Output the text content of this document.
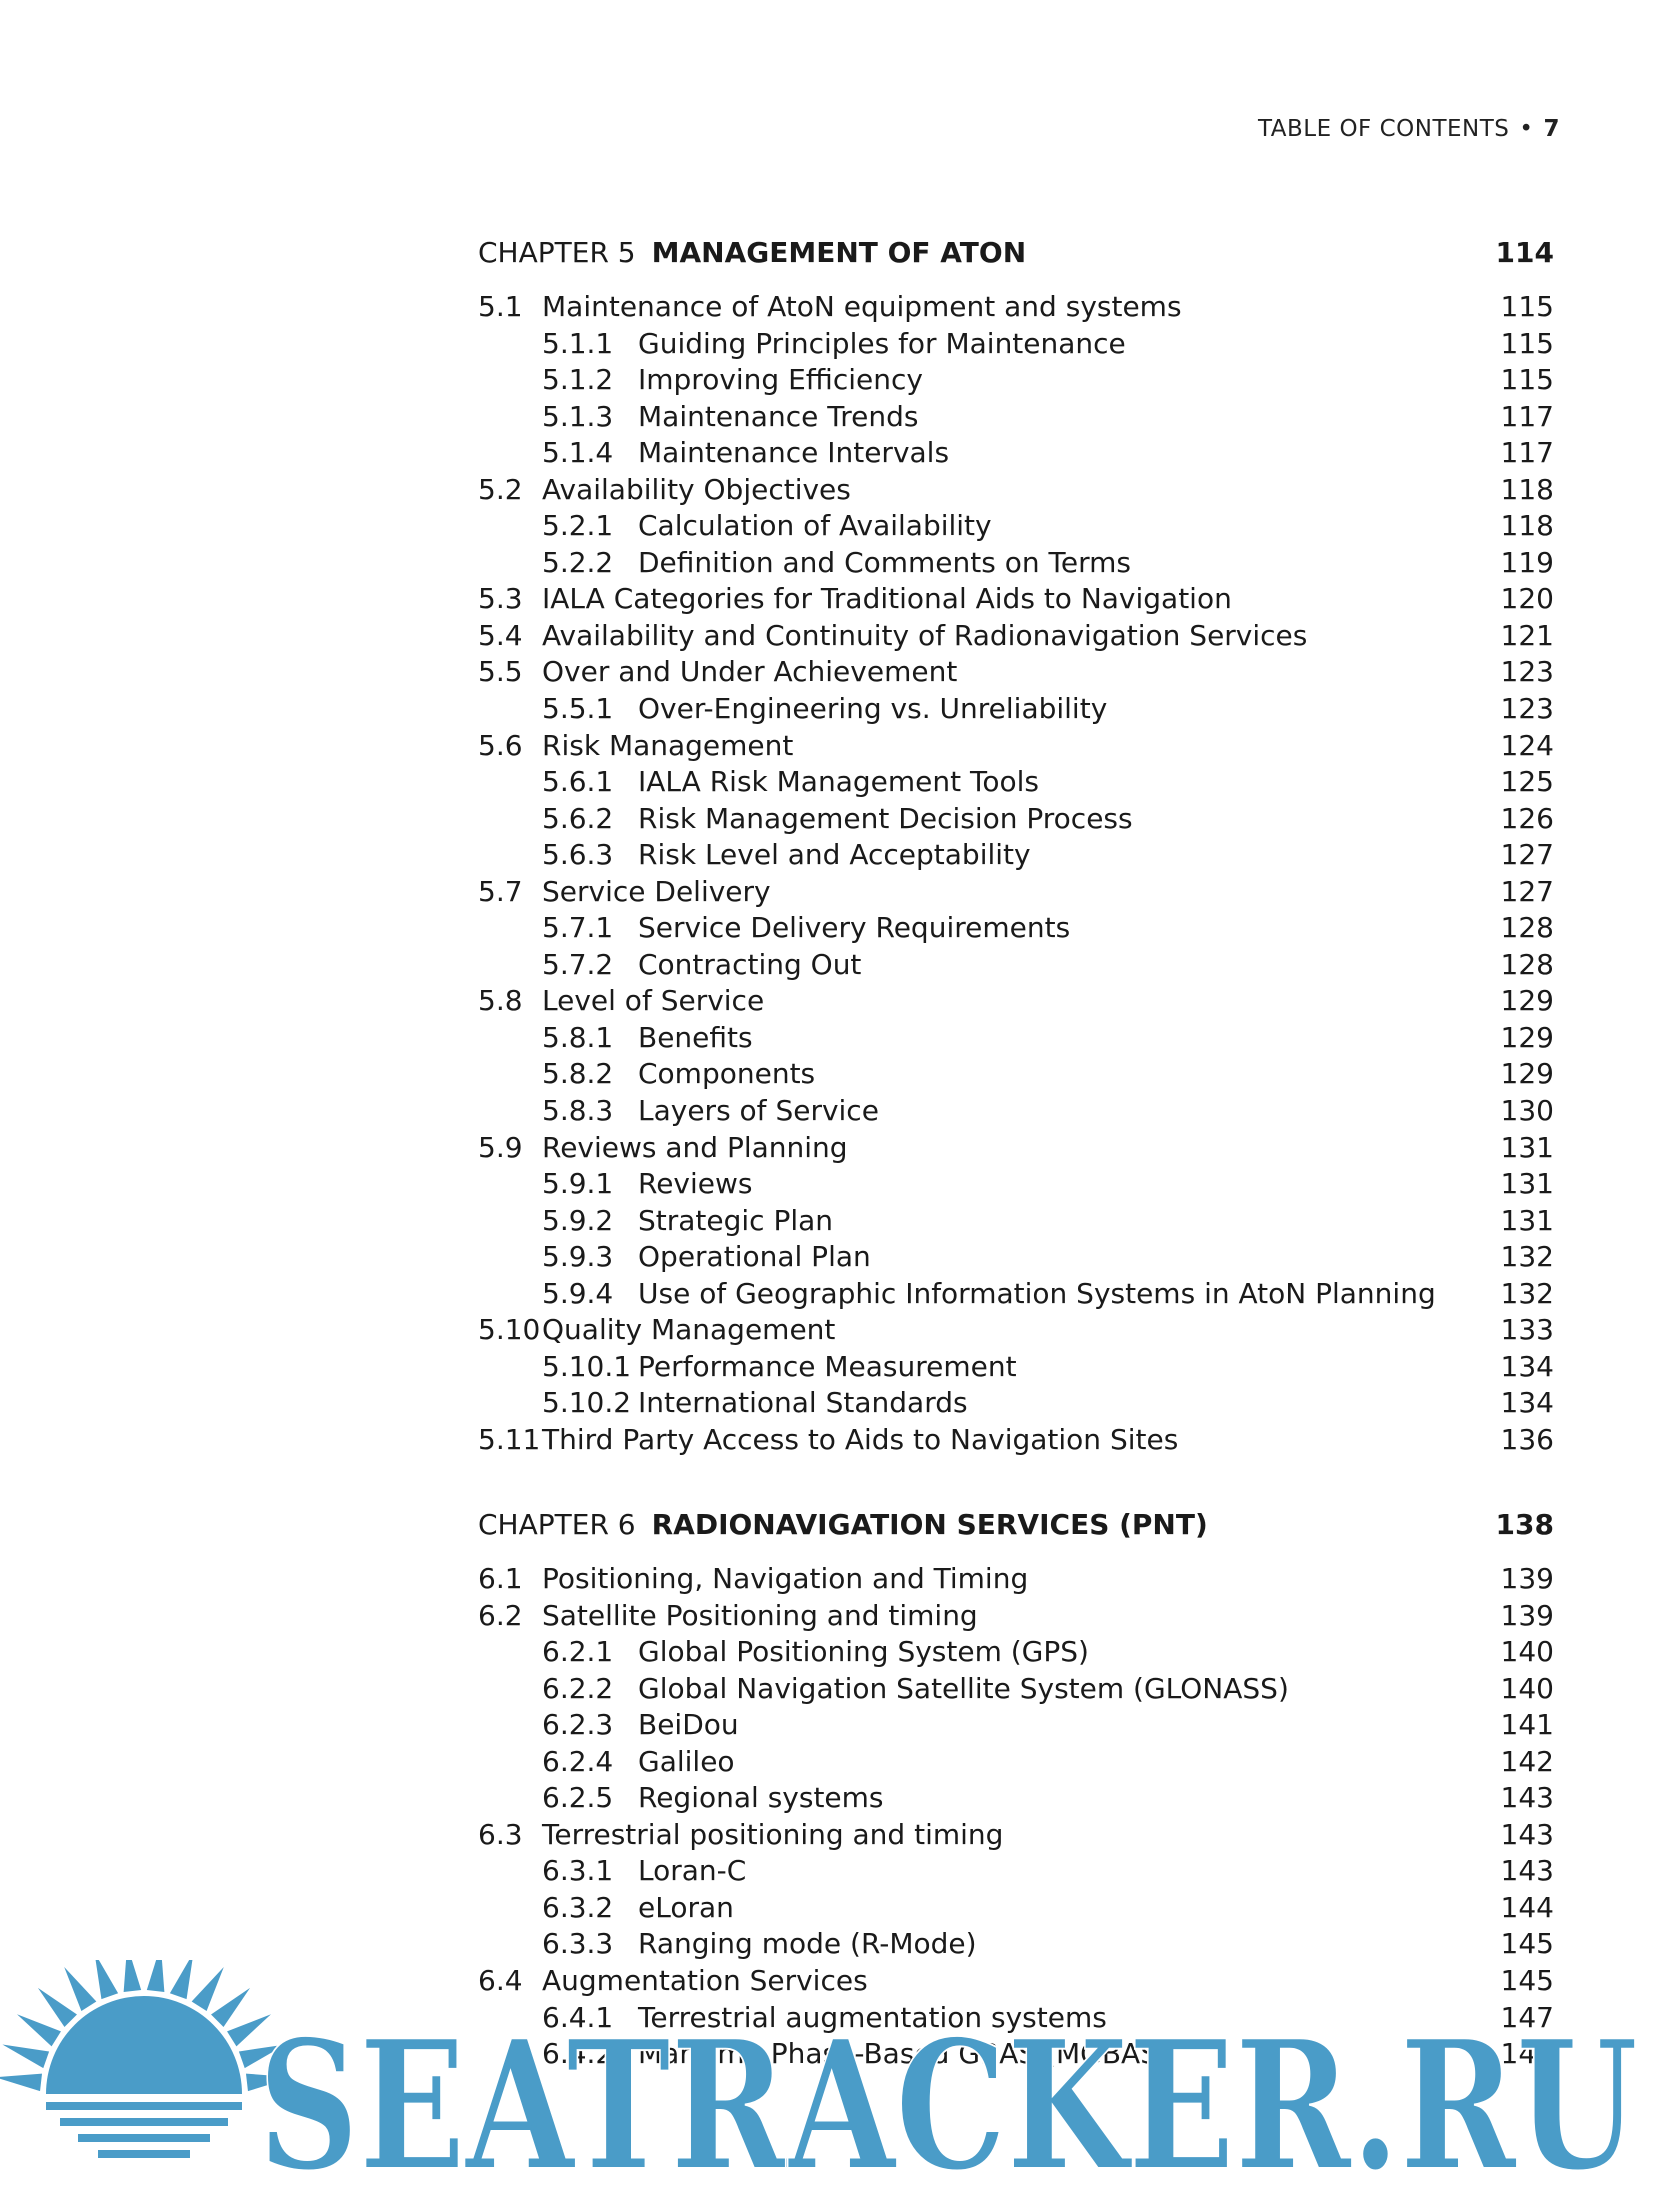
TABLE OF CONTENTS • 7
CHAPTER 5 MANAGEMENT OF ATON	114
5.1 Maintenance of AtoN equipment and systems	115
5.1.1 Guiding Principles for Maintenance	115
5.1.2 Improving Efficiency	115
5.1.3 Maintenance Trends	117
5.1.4 Maintenance Intervals	117
5.2 Availability Objectives	118
5.2.1 Calculation of Availability	118
5.2.2 Definition and Comments on Terms	119
5.3 IALA Categories for Traditional Aids to Navigation	120
5.4 Availability and Continuity of Radionavigation Services	121
5.5 Over and Under Achievement	123
5.5.1 Over-Engineering vs. Unreliability	123
5.6 Risk Management	124
5.6.1 IALA Risk Management Tools	125
5.6.2 Risk Management Decision Process	126
5.6.3 Risk Level and Acceptability	127
5.7 Service Delivery	127
5.7.1 Service Delivery Requirements	128
5.7.2 Contracting Out	128
5.8 Level of Service	129
5.8.1 Benefits	129
5.8.2 Components	129
5.8.3 Layers of Service	130
5.9 Reviews and Planning	131
5.9.1 Reviews	131
5.9.2 Strategic Plan	131
5.9.3 Operational Plan	132
5.9.4 Use of Geographic Information Systems in AtoN Planning 132
5.10 Quality Management	133
5.10.1 Performance Measurement	134
5.10.2 International Standards	134
5.11 Third Party Access to Aids to Navigation Sites	136
CHAPTER 6 RADIONAVIGATION SERVICES (PNT)	138
6.1 Positioning, Navigation and Timing	139
6.2 Satellite Positioning and timing	139
6.2.1 Global Positioning System (GPS)	140
6.2.2 Global Navigation Satellite System (GLONASS)	140
6.2.3 BeiDou	141
6.2.4 Galileo	142
6.2.5 Regional systems	143
6.3 Terrestrial positioning and timing	143
6.3.1 Loran-C	143
6.3.2 eLoran	144
6.3.3 Ranging mode (R-Mode)	145
6.4 Augmentation Services	145
6.4.1 Terrestrial augmentation systems	147
6.4.2 Maritime Phase-Based GBAS (MGBAS)	148
SEATRACKER.RU
